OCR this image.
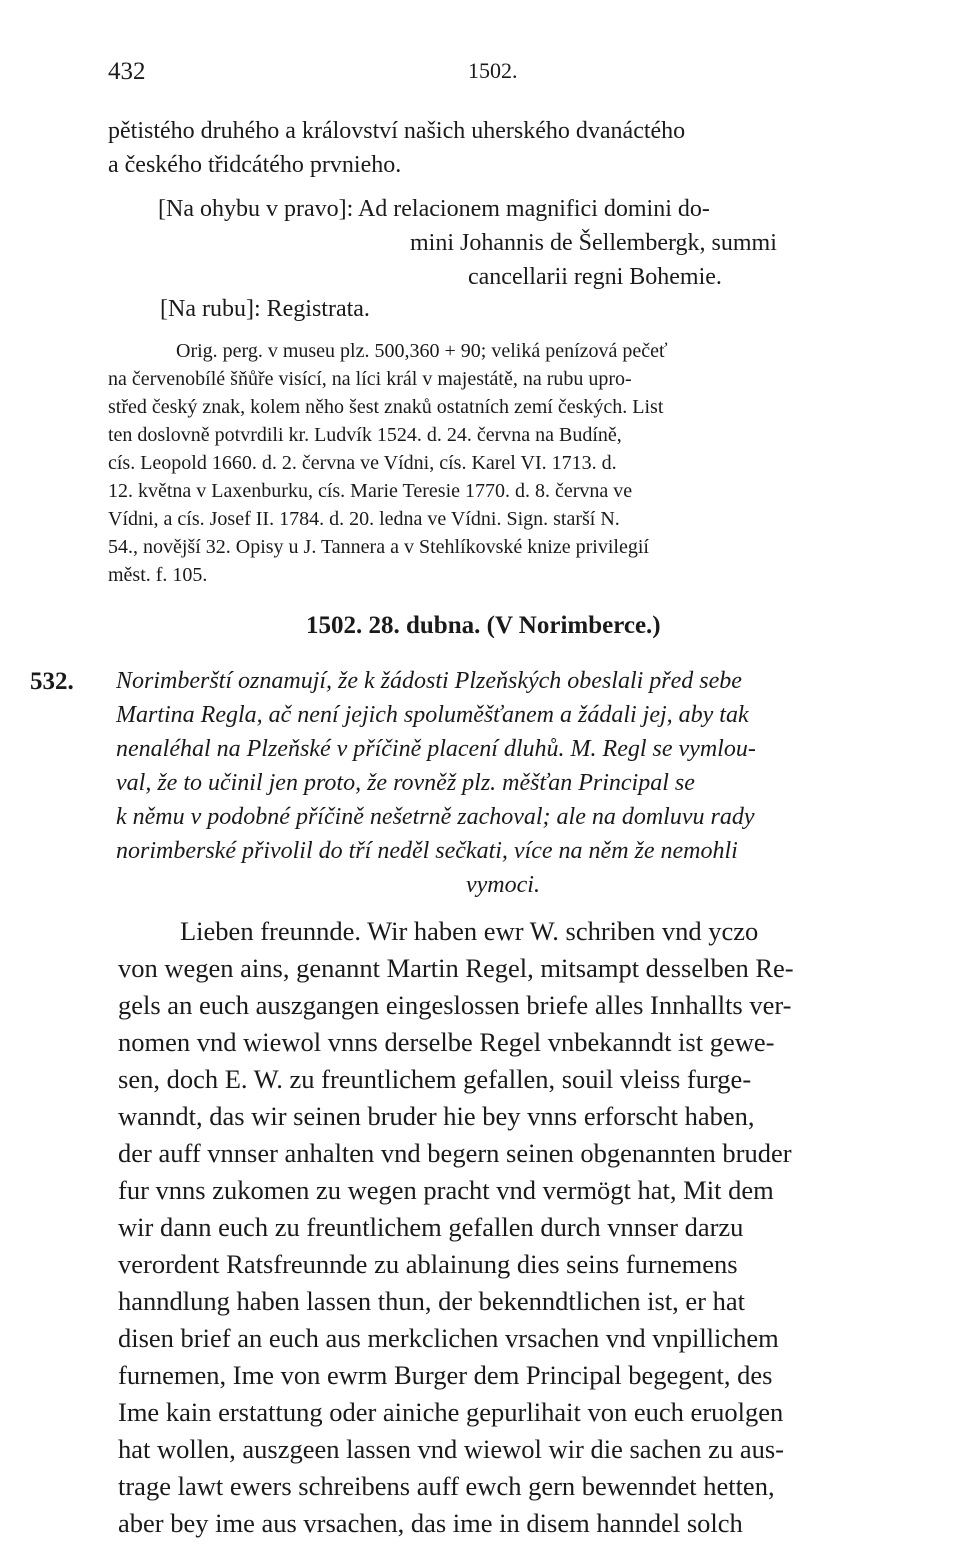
432	1502.
pětistého druhého a království našich uherského dvanáctého
a českého třidcátého prvnieho.
[Na ohybu v pravo]: Ad relacionem magnifici domini do-
mini Johannis de Šellembergk, summi
cancellarii regni Bohemie.
[Na rubu]: Registrata.
Orig. perg. v museu plz. 500,360 + 90; veliká penízová pečeť
na červenobílé šňůře visící, na líci král v majestátě, na rubu upro-
střed český znak, kolem něho šest znaků ostatních zemí českých. List
ten doslovně potvrdili kr. Ludvík 1524. d. 24. června na Budíně,
cís. Leopold 1660. d. 2. června ve Vídni, cís. Karel VI. 1713. d.
12. května v Laxenburku, cís. Marie Teresie 1770. d. 8. června ve
Vídni, a cís. Josef II. 1784. d. 20. ledna ve Vídni. Sign. starší N.
54., novější 32. Opisy u J. Tannera a v Stehlíkovské knize privilegií
měst. f. 105.
1502. 28. dubna. (V Norimberce.)
532. Norimberští oznamují, že k žádosti Plzeňských obeslali před sebe
Martina Regla, ač není jejich spoluměšťanem a žádali jej, aby tak
nenaléhal na Plzeňské v příčině placení dluhů. M. Regl se vymlou-
val, že to učinil jen proto, že rovněž plz. měšťan Principal se
k němu v podobné příčině nešetrně zachoval; ale na domluvu rady
norimberské přivolil do tří neděl sečkati, více na něm že nemohli
vymoci.
Lieben freunnde. Wir haben ewr W. schriben vnd yczo
von wegen ains, genannt Martin Regel, mitsampt desselben Re-
gels an euch auszgangen eingeslossen briefe alles Innhallts ver-
nomen vnd wiewol vnns derselbe Regel vnbekanndt ist gewe-
sen, doch E. W. zu freuntlichem gefallen, souil vleiss furge-
wanndt, das wir seinen bruder hie bey vnns erforscht haben,
der auff vnnser anhalten vnd begern seinen obgenannten bruder
fur vnns zukomen zu wegen pracht vnd vermögt hat, Mit dem
wir dann euch zu freuntlichem gefallen durch vnnser darzu
verordent Ratsfreunnde zu ablainung dies seins furnemens
hanndlung haben lassen thun, der bekenndtlichen ist, er hat
disen brief an euch aus merkclichen vrsachen vnd vnpillichem
furnemen, Ime von ewrm Burger dem Principal begegent, des
Ime kain erstattung oder ainiche gepurlihait von euch eruolgen
hat wollen, auszgeen lassen vnd wiewol wir die sachen zu aus-
trage lawt ewers schreibens auff ewch gern bewenndet hetten,
aber bey ime aus vrsachen, das ime in disem hanndel solch
